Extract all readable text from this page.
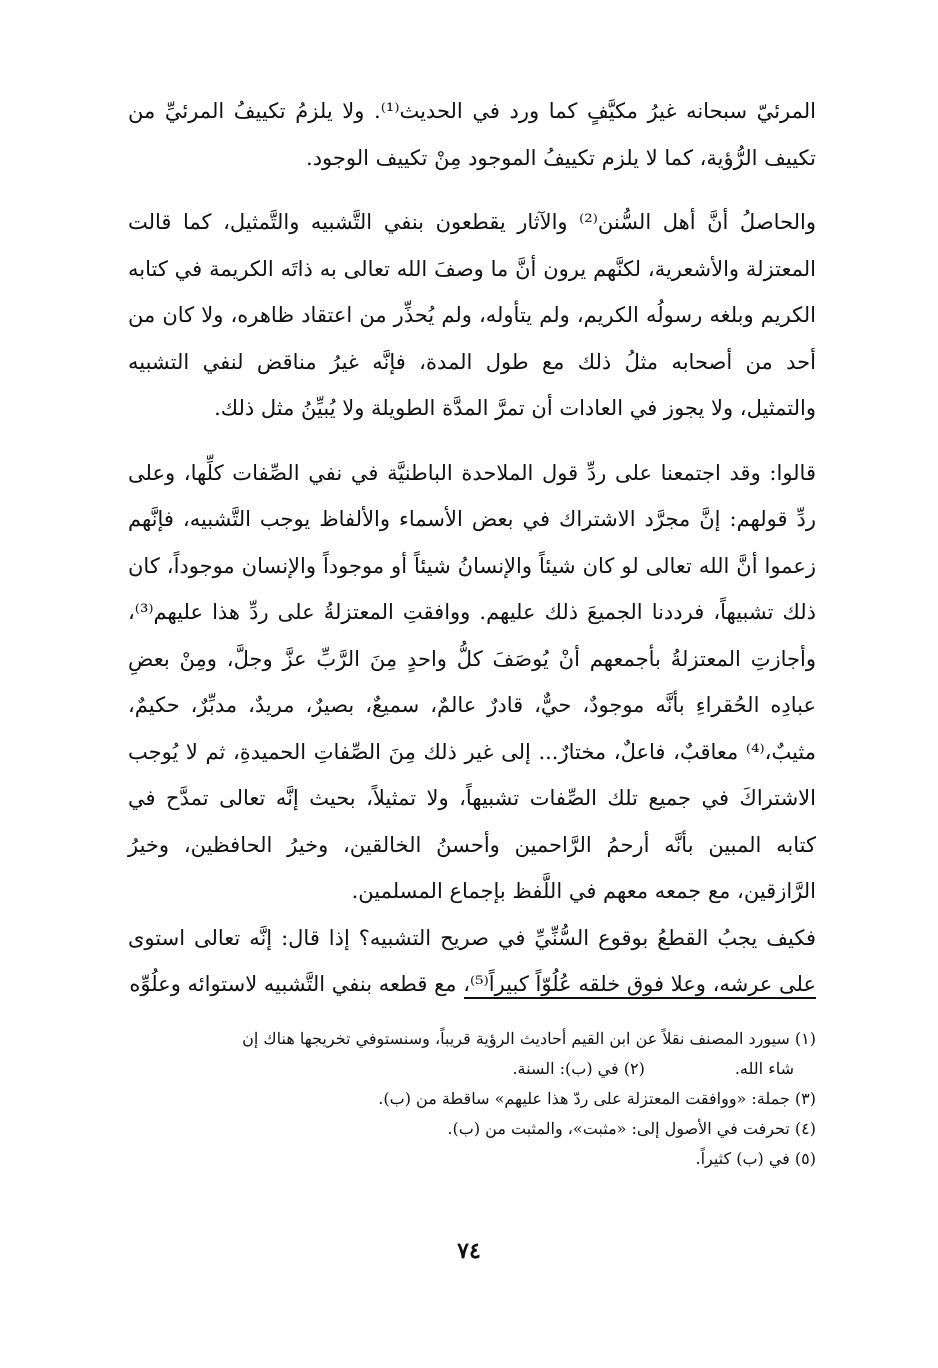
المرئيّ سبحانه غيرُ مكيَّفٍ كما ورد في الحديث⁽¹⁾. ولا يلزمُ تكييفُ المرئيِّ من تكييف الرُّؤية، كما لا يلزم تكييفُ الموجود مِنْ تكييف الوجود.

والحاصلُ أنَّ أهل السُّنن⁽²⁾ والآثار يقطعون بنفي التَّشبيه والتَّمثيل، كما قالت المعتزلة والأشعرية، لكنَّهم يرون أنَّ ما وصفَ الله تعالى به ذاتَه الكريمة في كتابه الكريم وبلغه رسولُه الكريم، ولم يتأوله، ولم يُحذِّر من اعتقاد ظاهره، ولا كان من أحد من أصحابه مثلُ ذلك مع طول المدة، فإنَّه غيرُ مناقض لنفي التشبيه والتمثيل، ولا يجوز في العادات أن تمرَّ المدَّة الطويلة ولا يُبيِّنُ مثل ذلك.

قالوا: وقد اجتمعنا على ردِّ قول الملاحدة الباطنيَّة في نفي الصِّفات كلِّها، وعلى ردِّ قولهم: إنَّ مجرَّد الاشتراك في بعض الأسماء والألفاظ يوجب التَّشبيه، فإنَّهم زعموا أنَّ الله تعالى لو كان شيئاً والإنسانُ شيئاً أو موجوداً والإنسان موجوداً، كان ذلك تشبيهاً، فرددنا الجميعَ ذلك عليهم. ووافقتِ المعتزلةُ على ردِّ هذا عليهم⁽³⁾، وأجازتِ المعتزلةُ بأجمعهم أنْ يُوصَفَ كلُّ واحدٍ مِنَ الرَّبِّ عزَّ وجلَّ، ومِنْ بعضِ عبادِه الحُقراءِ بأنَّه موجودٌ، حيٌّ، قادرٌ عالمٌ، سميعٌ، بصيرٌ، مريدٌ، مدبِّرٌ، حكيمٌ، مثيبٌ،⁽⁴⁾ معاقبٌ، فاعلٌ، مختارٌ... إلى غير ذلك مِنَ الصِّفاتِ الحميدةِ، ثم لا يُوجب الاشتراكَ في جميع تلك الصِّفات تشبيهاً، ولا تمثيلاً، بحيث إنَّه تعالى تمدَّح في كتابه المبين بأنَّه أرحمُ الرَّاحمين وأحسنُ الخالقين، وخيرُ الحافظين، وخيرُ الرَّازقين، مع جمعه معهم في اللَّفظ بإجماع المسلمين.

فكيف يجبُ القطعُ بوقوع السُّنِّيِّ في صريح التشبيه؟ إذا قال: إنَّه تعالى استوى على عرشه، وعلا فوق خلقه عُلُوّاً كبيراً⁽⁵⁾، مع قطعه بنفي التَّشبيه لاستوائه وعلُوِّه

(١) سيورد المصنف نقلاً عن ابن القيم أحاديث الرؤية قريباً، وسنستوفي تخريجها هناك إن
شاء الله.
(٢) في (ب): السنة.
(٣) جملة: «ووافقت المعتزلة على ردّ هذا عليهم» ساقطة من (ب).
(٤) تحرفت في الأصول إلى: «مثبت»، والمثبت من (ب).
(٥) في (ب) كثيراً.
٧٤
